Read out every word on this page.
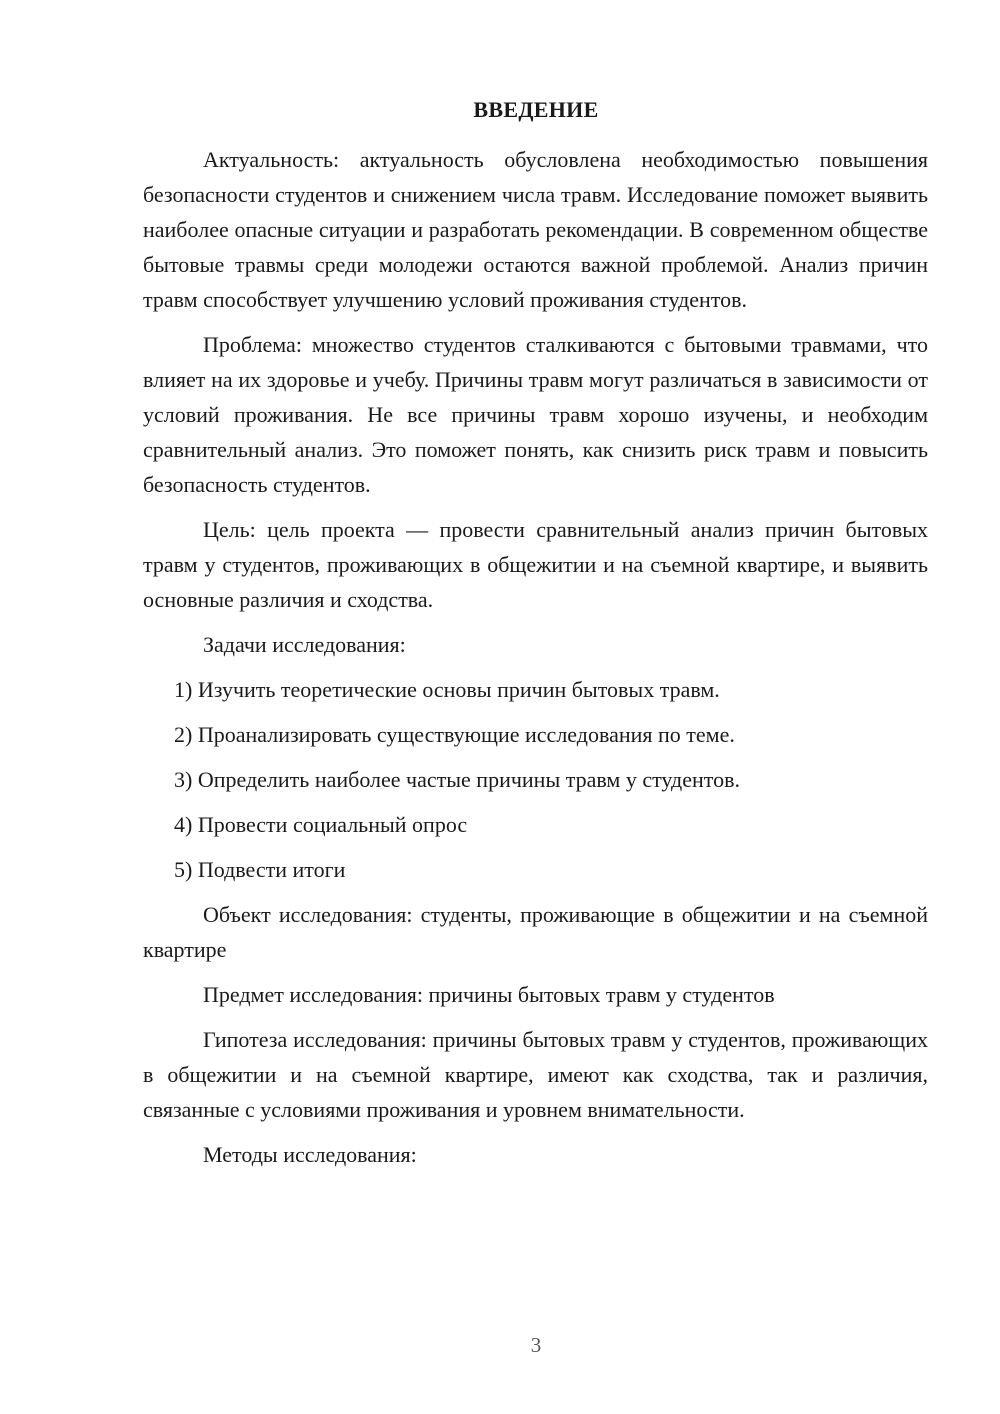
ВВЕДЕНИЕ

Актуальность: актуальность обусловлена необходимостью повышения безопасности студентов и снижением числа травм. Исследование поможет выявить наиболее опасные ситуации и разработать рекомендации. В современном обществе бытовые травмы среди молодежи остаются важной проблемой. Анализ причин травм способствует улучшению условий проживания студентов.

Проблема: множество студентов сталкиваются с бытовыми травмами, что влияет на их здоровье и учебу. Причины травм могут различаться в зависимости от условий проживания. Не все причины травм хорошо изучены, и необходим сравнительный анализ. Это поможет понять, как снизить риск травм и повысить безопасность студентов.

Цель: цель проекта — провести сравнительный анализ причин бытовых травм у студентов, проживающих в общежитии и на съемной квартире, и выявить основные различия и сходства.

Задачи исследования:

1) Изучить теоретические основы причин бытовых травм.

2) Проанализировать существующие исследования по теме.

3) Определить наиболее частые причины травм у студентов.

4) Провести социальный опрос

5) Подвести итоги

Объект исследования: студенты, проживающие в общежитии и на съемной квартире

Предмет исследования: причины бытовых травм у студентов

Гипотеза исследования: причины бытовых травм у студентов, проживающих в общежитии и на съемной квартире, имеют как сходства, так и различия, связанные с условиями проживания и уровнем внимательности.

Методы исследования:

3
